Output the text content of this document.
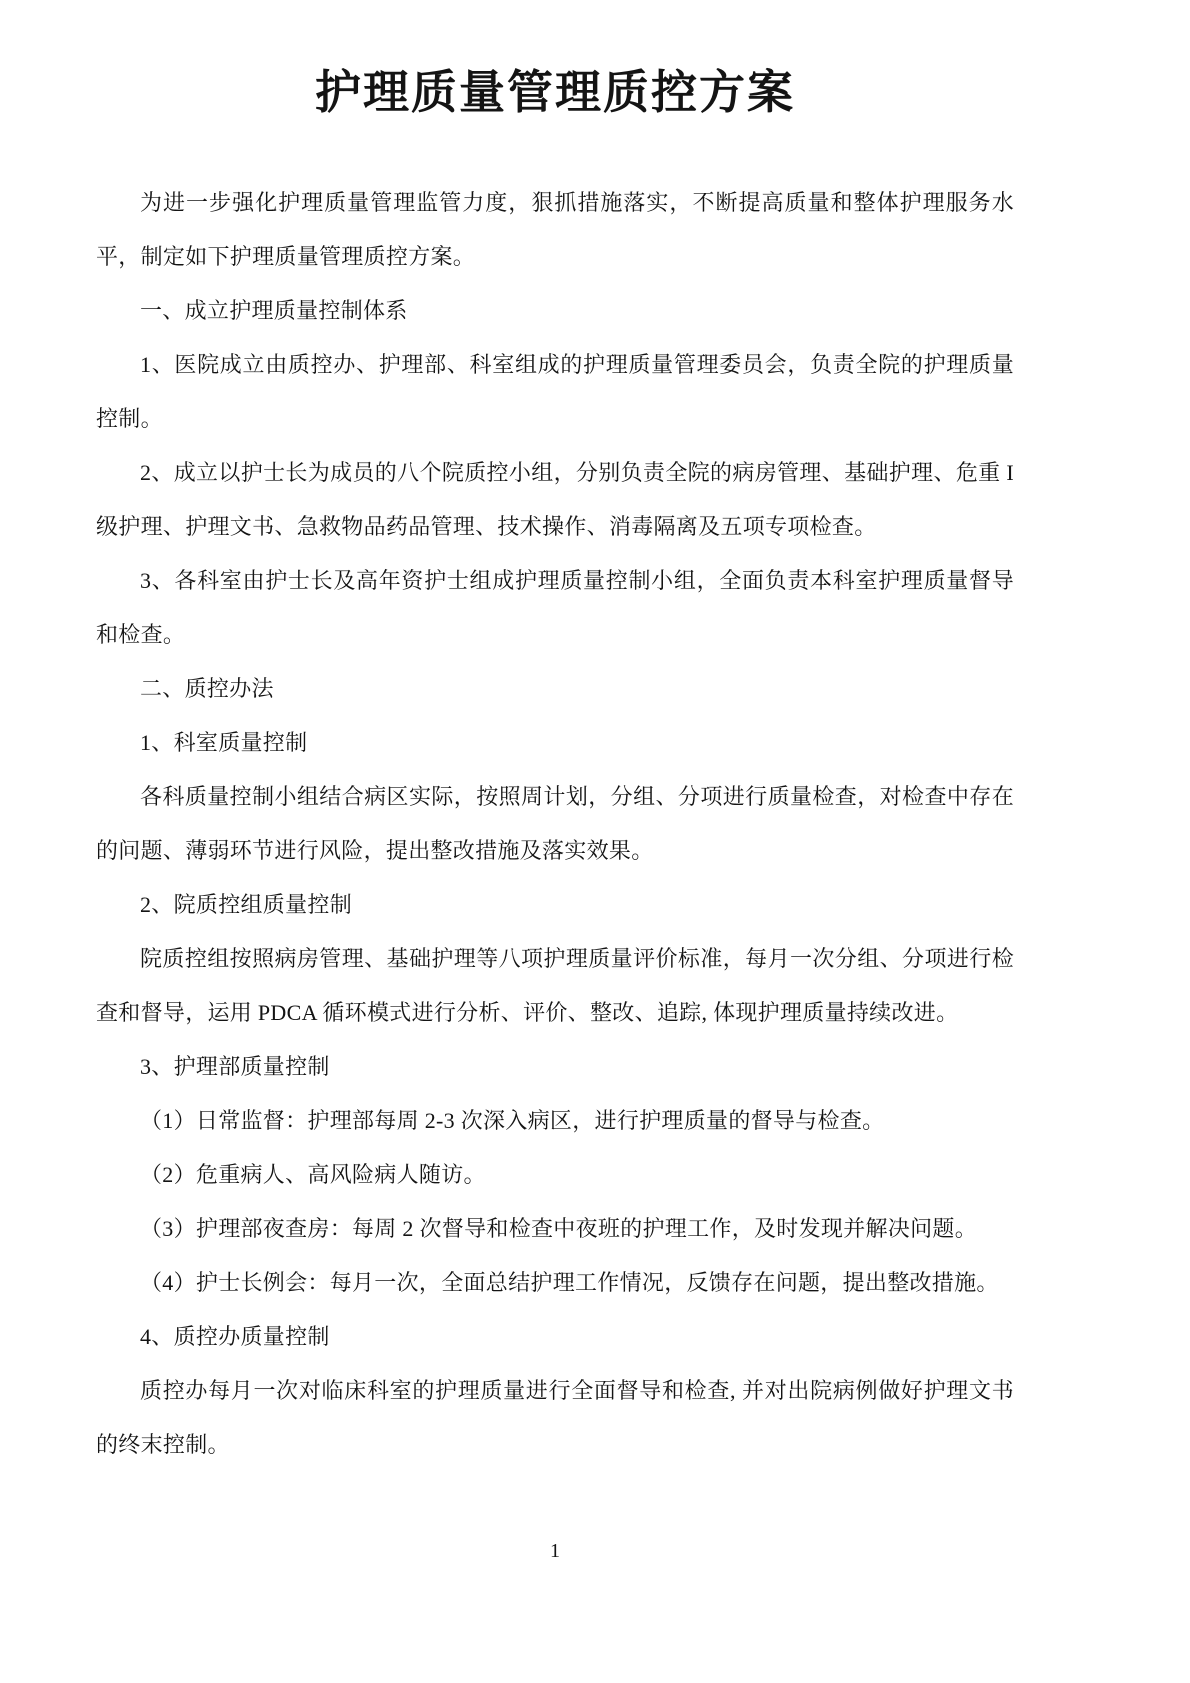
护理质量管理质控方案

为进一步强化护理质量管理监管力度，狠抓措施落实，不断提高质量和整体护理服务水平，制定如下护理质量管理质控方案。

一、成立护理质量控制体系

1、医院成立由质控办、护理部、科室组成的护理质量管理委员会，负责全院的护理质量控制。

2、成立以护士长为成员的八个院质控小组，分别负责全院的病房管理、基础护理、危重 I 级护理、护理文书、急救物品药品管理、技术操作、消毒隔离及五项专项检查。

3、各科室由护士长及高年资护士组成护理质量控制小组，全面负责本科室护理质量督导和检查。

二、质控办法

1、科室质量控制

各科质量控制小组结合病区实际，按照周计划，分组、分项进行质量检查，对检查中存在的问题、薄弱环节进行风险，提出整改措施及落实效果。

2、院质控组质量控制

院质控组按照病房管理、基础护理等八项护理质量评价标准，每月一次分组、分项进行检查和督导，运用 PDCA 循环模式进行分析、评价、整改、追踪, 体现护理质量持续改进。

3、护理部质量控制

（1）日常监督：护理部每周 2-3 次深入病区，进行护理质量的督导与检查。

（2）危重病人、高风险病人随访。

（3）护理部夜查房：每周 2 次督导和检查中夜班的护理工作，及时发现并解决问题。

（4）护士长例会：每月一次，全面总结护理工作情况，反馈存在问题，提出整改措施。

4、质控办质量控制

质控办每月一次对临床科室的护理质量进行全面督导和检查, 并对出院病例做好护理文书的终末控制。

1
